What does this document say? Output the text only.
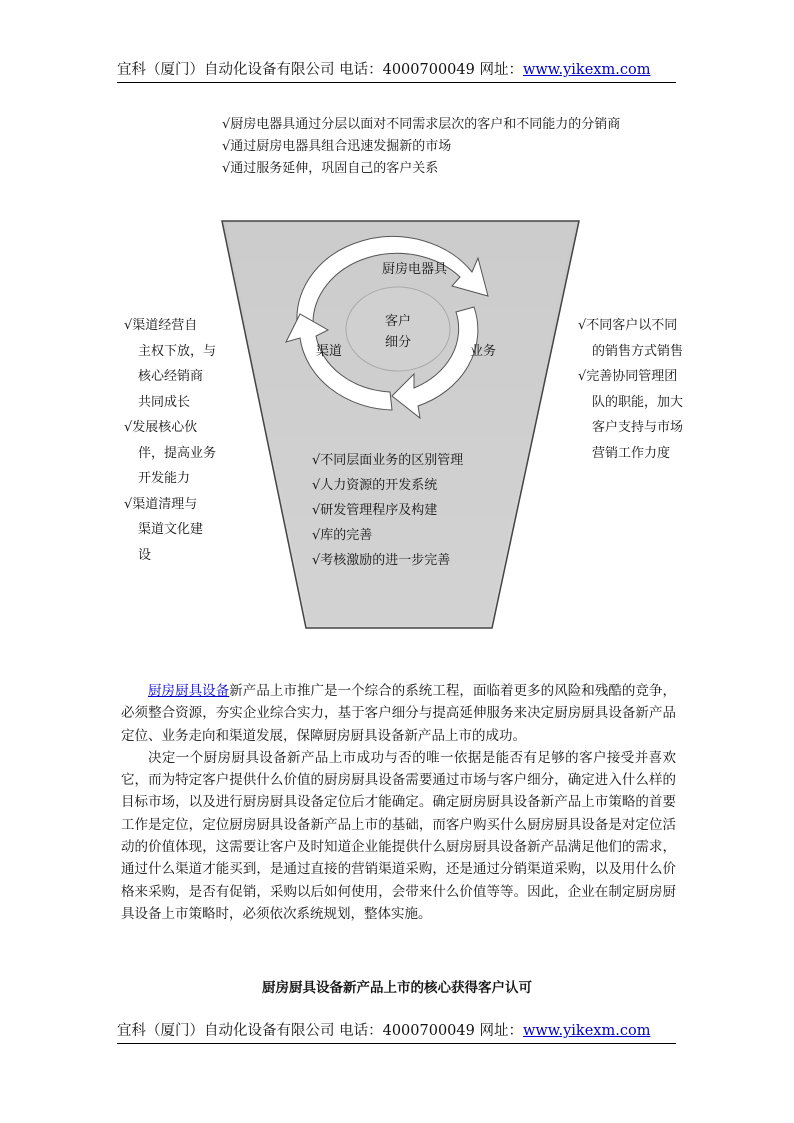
宜科（厦门）自动化设备有限公司 电话：4000700049 网址：www.yikexm.com
√厨房电器具通过分层以面对不同需求层次的客户和不同能力的分销商
√通过厨房电器具组合迅速发掘新的市场
√通过服务延伸，巩固自己的客户关系
厨房电器具
客户
细分
渠道	业务
√渠道经营自
主权下放，与
核心经销商
共同成长
√发展核心伙
伴，提高业务
开发能力
√渠道清理与
渠道文化建
设
√不同客户以不同
的销售方式销售
√完善协同管理团
队的职能，加大
客户支持与市场
营销工作力度
√不同层面业务的区别管理
√人力资源的开发系统
√研发管理程序及构建
√库的完善
√考核激励的进一步完善

厨房厨具设备新产品上市推广是一个综合的系统工程，面临着更多的风险和残酷的竞争，必须整合资源，夯实企业综合实力，基于客户细分与提高延伸服务来决定厨房厨具设备新产品定位、业务走向和渠道发展，保障厨房厨具设备新产品上市的成功。

决定一个厨房厨具设备新产品上市成功与否的唯一依据是能否有足够的客户接受并喜欢它，而为特定客户提供什么价值的厨房厨具设备需要通过市场与客户细分，确定进入什么样的目标市场，以及进行厨房厨具设备定位后才能确定。确定厨房厨具设备新产品上市策略的首要工作是定位，定位厨房厨具设备新产品上市的基础，而客户购买什么厨房厨具设备是对定位活动的价值体现，这需要让客户及时知道企业能提供什么厨房厨具设备新产品满足他们的需求，通过什么渠道才能买到，是通过直接的营销渠道采购，还是通过分销渠道采购，以及用什么价格来采购，是否有促销，采购以后如何使用，会带来什么价值等等。因此，企业在制定厨房厨具设备上市策略时，必须依次系统规划，整体实施。

厨房厨具设备新产品上市的核心获得客户认可
宜科（厦门）自动化设备有限公司 电话：4000700049 网址：www.yikexm.com
